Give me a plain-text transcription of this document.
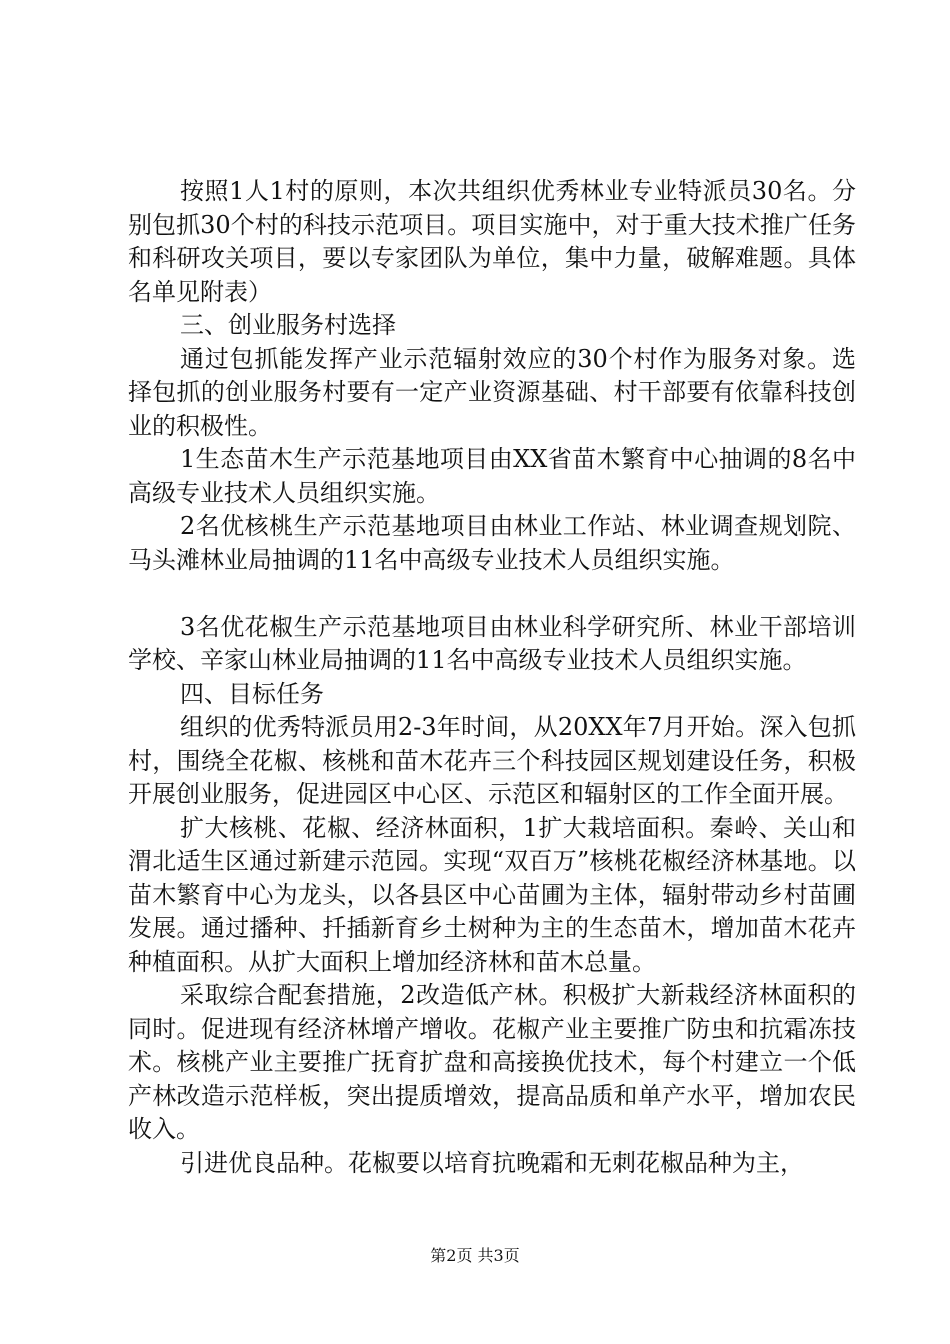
按照1人1村的原则，本次共组织优秀林业专业特派员30名。分别包抓30个村的科技示范项目。项目实施中，对于重大技术推广任务和科研攻关项目，要以专家团队为单位，集中力量，破解难题。具体名单见附表）

三、创业服务村选择

通过包抓能发挥产业示范辐射效应的30个村作为服务对象。选择包抓的创业服务村要有一定产业资源基础、村干部要有依靠科技创业的积极性。

1生态苗木生产示范基地项目由XX省苗木繁育中心抽调的8名中高级专业技术人员组织实施。

2名优核桃生产示范基地项目由林业工作站、林业调查规划院、马头滩林业局抽调的11名中高级专业技术人员组织实施。

3名优花椒生产示范基地项目由林业科学研究所、林业干部培训学校、辛家山林业局抽调的11名中高级专业技术人员组织实施。

四、目标任务

组织的优秀特派员用2-3年时间，从20XX年7月开始。深入包抓村，围绕全花椒、核桃和苗木花卉三个科技园区规划建设任务，积极开展创业服务，促进园区中心区、示范区和辐射区的工作全面开展。

扩大核桃、花椒、经济林面积，1扩大栽培面积。秦岭、关山和渭北适生区通过新建示范园。实现“双百万”核桃花椒经济林基地。以苗木繁育中心为龙头，以各县区中心苗圃为主体，辐射带动乡村苗圃发展。通过播种、扦插新育乡土树种为主的生态苗木，增加苗木花卉种植面积。从扩大面积上增加经济林和苗木总量。

采取综合配套措施，2改造低产林。积极扩大新栽经济林面积的同时。促进现有经济林增产增收。花椒产业主要推广防虫和抗霜冻技术。核桃产业主要推广抚育扩盘和高接换优技术，每个村建立一个低产林改造示范样板，突出提质增效，提高品质和单产水平，增加农民收入。

引进优良品种。花椒要以培育抗晚霜和无刺花椒品种为主，

第2页 共3页
